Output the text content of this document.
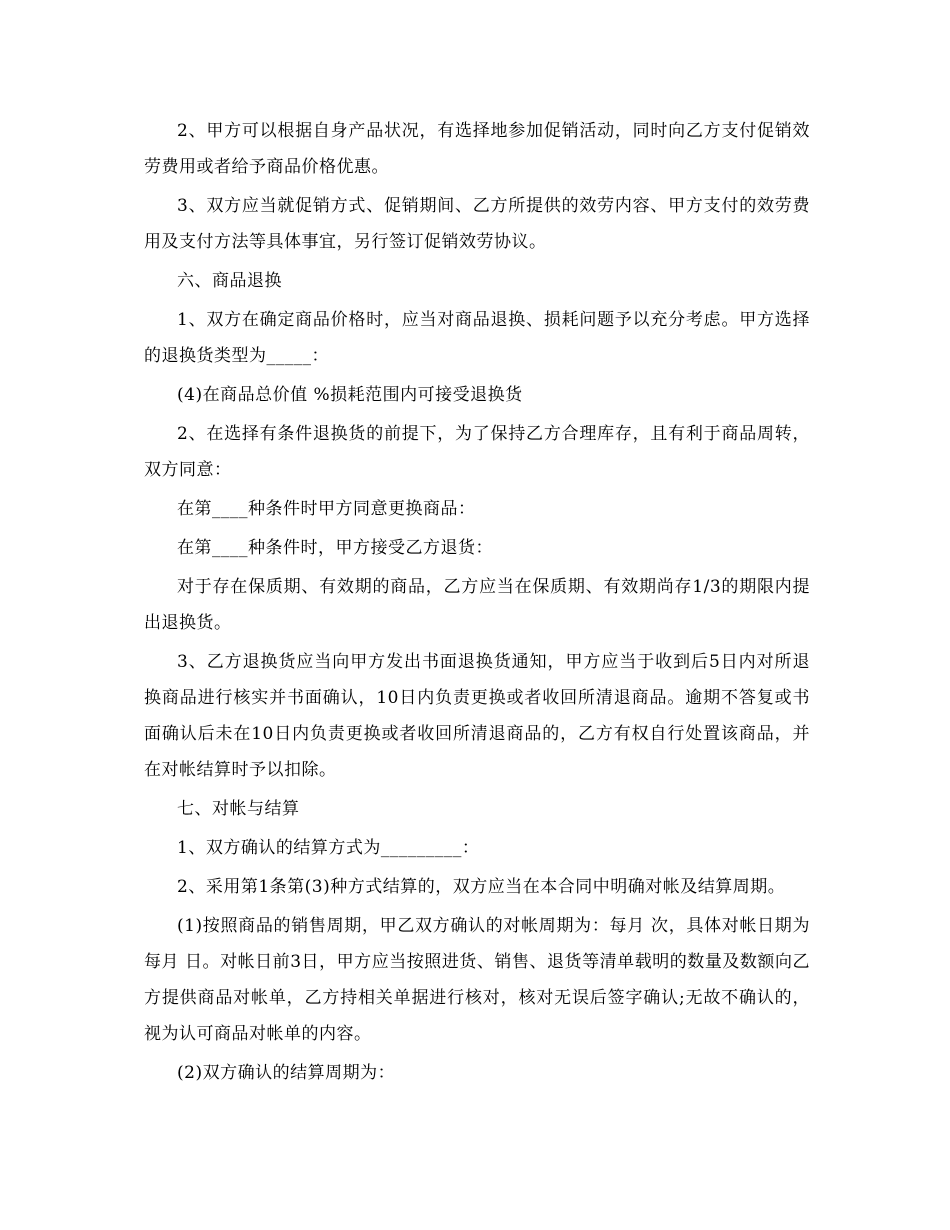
2、甲方可以根据自身产品状况，有选择地参加促销活动，同时向乙方支付促销效劳费用或者给予商品价格优惠。

3、双方应当就促销方式、促销期间、乙方所提供的效劳内容、甲方支付的效劳费用及支付方法等具体事宜，另行签订促销效劳协议。

六、商品退换

1、双方在确定商品价格时，应当对商品退换、损耗问题予以充分考虑。甲方选择的退换货类型为_____：

(4)在商品总价值 %损耗范围内可接受退换货

2、在选择有条件退换货的前提下，为了保持乙方合理库存，且有利于商品周转，双方同意：

在第____种条件时甲方同意更换商品：

在第____种条件时，甲方接受乙方退货：

对于存在保质期、有效期的商品，乙方应当在保质期、有效期尚存1/3的期限内提出退换货。

3、乙方退换货应当向甲方发出书面退换货通知，甲方应当于收到后5日内对所退换商品进行核实并书面确认，10日内负责更换或者收回所清退商品。逾期不答复或书面确认后未在10日内负责更换或者收回所清退商品的，乙方有权自行处置该商品，并在对帐结算时予以扣除。

七、对帐与结算

1、双方确认的结算方式为_________：

2、采用第1条第(3)种方式结算的，双方应当在本合同中明确对帐及结算周期。

(1)按照商品的销售周期，甲乙双方确认的对帐周期为：每月 次，具体对帐日期为每月 日。对帐日前3日，甲方应当按照进货、销售、退货等清单载明的数量及数额向乙方提供商品对帐单，乙方持相关单据进行核对，核对无误后签字确认;无故不确认的，视为认可商品对帐单的内容。

(2)双方确认的结算周期为：
